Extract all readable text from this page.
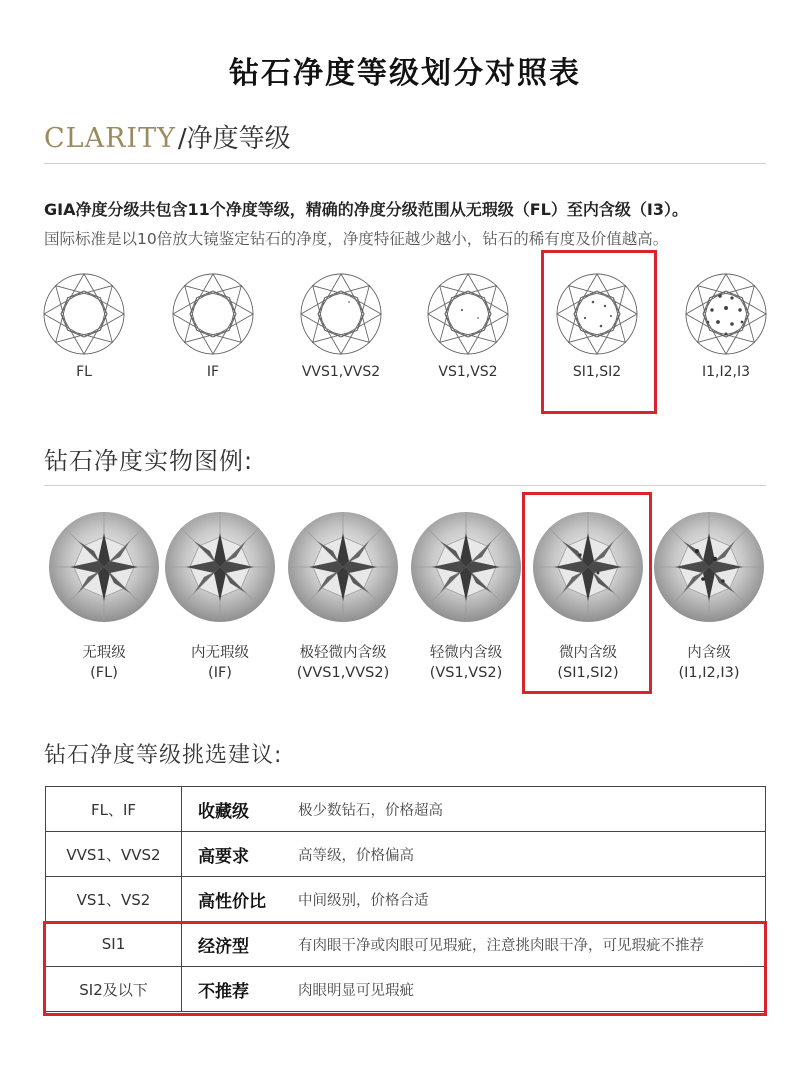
钻石净度等级划分对照表
CLARITY /净度等级
GIA净度分级共包含11个净度等级，精确的净度分级范围从无瑕级（FL）至内含级（I3）。
国际标准是以10倍放大镜鉴定钻石的净度，净度特征越少越小，钻石的稀有度及价值越高。
FL	IF	VVS1,VVS2	VS1,VS2	SI1,SI2	I1,I2,I3
钻石净度实物图例:
无瑕级
(FL)
内无瑕级
(IF)
极轻微内含级
(VVS1,VVS2)
轻微内含级
(VS1,VS2)
微内含级
(SI1,SI2)
内含级
(I1,I2,I3)
钻石净度等级挑选建议:
FL、IF	收藏级	极少数钻石，价格超高
VVS1、VVS2	高要求	高等级，价格偏高
VS1、VS2	高性价比	中间级别，价格合适
SI1	经济型	有肉眼干净或肉眼可见瑕疵，注意挑肉眼干净，可见瑕疵不推荐
SI2及以下	不推荐	肉眼明显可见瑕疵
